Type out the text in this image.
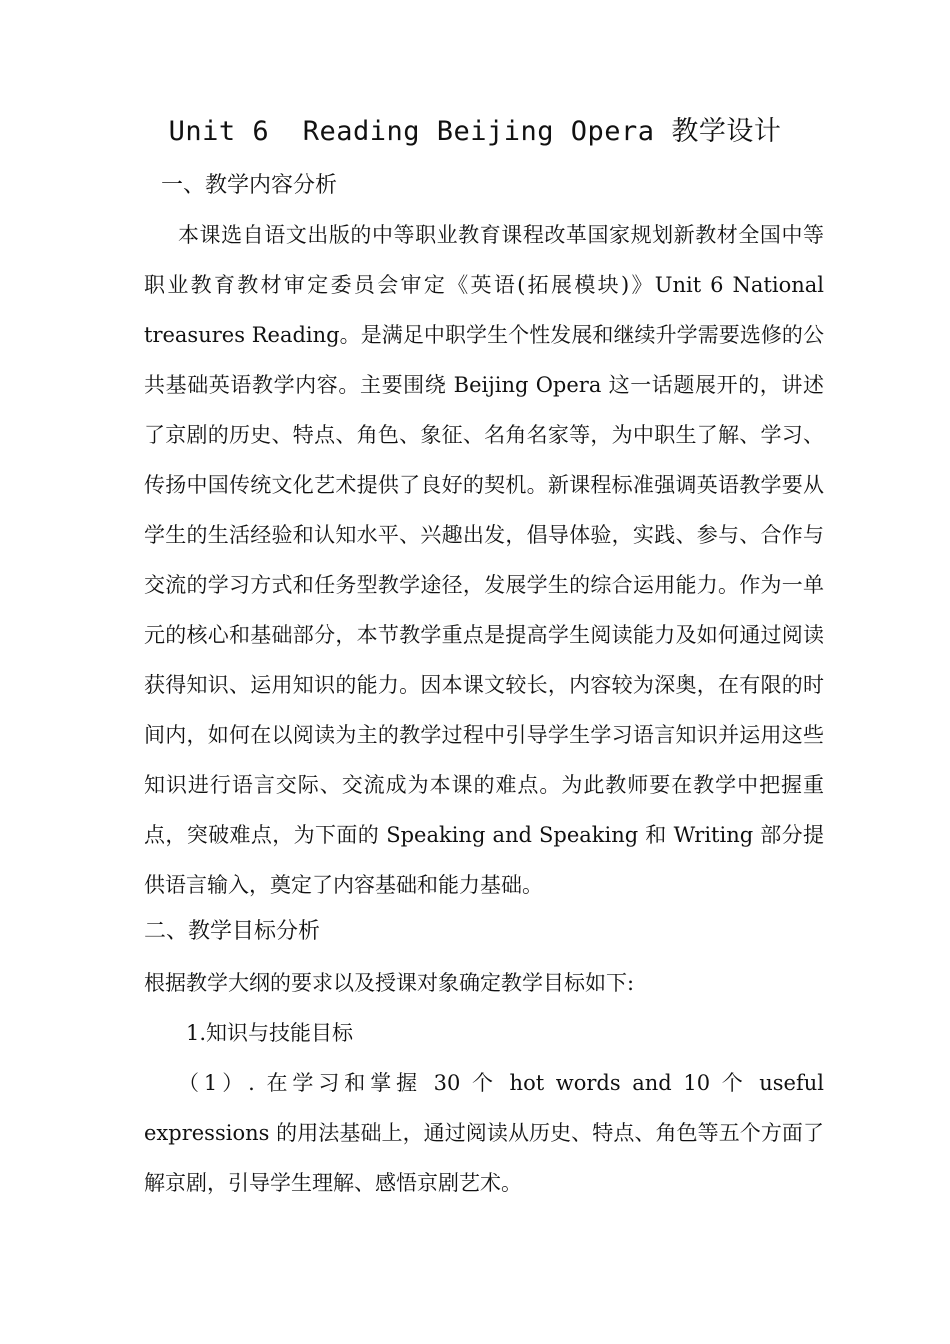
Unit 6  Reading Beijing Opera 教学设计
一、教学内容分析
本课选自语文出版的中等职业教育课程改革国家规划新教材全国中等职业教育教材审定委员会审定《英语(拓展模块)》Unit 6 National treasures Reading。是满足中职学生个性发展和继续升学需要选修的公共基础英语教学内容。主要围绕 Beijing Opera 这一话题展开的，讲述了京剧的历史、特点、角色、象征、名角名家等，为中职生了解、学习、传扬中国传统文化艺术提供了良好的契机。新课程标准强调英语教学要从学生的生活经验和认知水平、兴趣出发，倡导体验，实践、参与、合作与交流的学习方式和任务型教学途径，发展学生的综合运用能力。作为一单元的核心和基础部分，本节教学重点是提高学生阅读能力及如何通过阅读获得知识、运用知识的能力。因本课文较长，内容较为深奥，在有限的时间内，如何在以阅读为主的教学过程中引导学生学习语言知识并运用这些知识进行语言交际、交流成为本课的难点。为此教师要在教学中把握重点，突破难点，为下面的 Speaking and Speaking 和 Writing 部分提供语言输入，奠定了内容基础和能力基础。
二、教学目标分析
根据教学大纲的要求以及授课对象确定教学目标如下:
1.知识与技能目标
（1）. 在学习和掌握 30 个 hot words and 10 个 useful expressions 的用法基础上，通过阅读从历史、特点、角色等五个方面了解京剧，引导学生理解、感悟京剧艺术。
